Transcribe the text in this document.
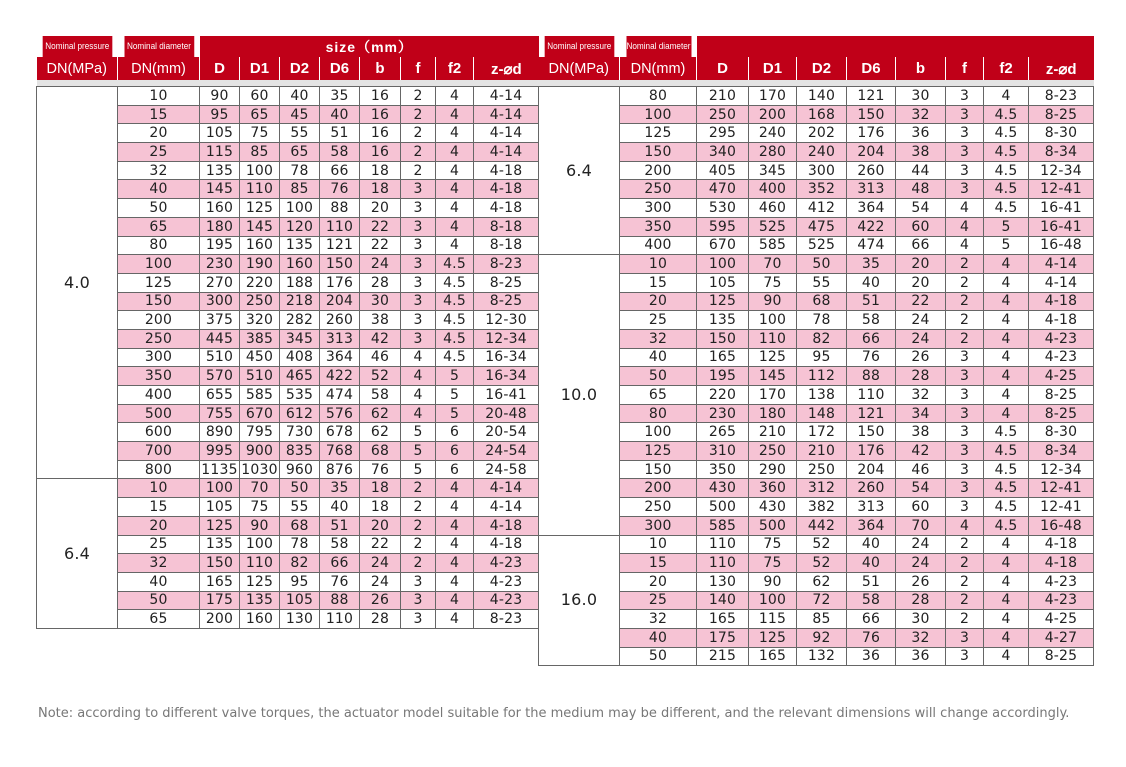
Nominal pressure	Nominal diameter	size（mm）							
DN(MPa)	DN(mm)	D	D1	D2	D6	b	f	f2	z-⌀d

4.0	10	90	60	40	35	16	2	4	4-14
	15	95	65	45	40	16	2	4	4-14
	20	105	75	55	51	16	2	4	4-14
	25	115	85	65	58	16	2	4	4-14
	32	135	100	78	66	18	2	4	4-18
	40	145	110	85	76	18	3	4	4-18
	50	160	125	100	88	20	3	4	4-18
	65	180	145	120	110	22	3	4	8-18
	80	195	160	135	121	22	3	4	8-18
	100	230	190	160	150	24	3	4.5	8-23
	125	270	220	188	176	28	3	4.5	8-25
	150	300	250	218	204	30	3	4.5	8-25
	200	375	320	282	260	38	3	4.5	12-30
	250	445	385	345	313	42	3	4.5	12-34
	300	510	450	408	364	46	4	4.5	16-34
	350	570	510	465	422	52	4	5	16-34
	400	655	585	535	474	58	4	5	16-41
	500	755	670	612	576	62	4	5	20-48
	600	890	795	730	678	62	5	6	20-54
	700	995	900	835	768	68	5	6	24-54
	800	1135	1030	960	876	76	5	6	24-58
6.4	10	100	70	50	35	18	2	4	4-14
	15	105	75	55	40	18	2	4	4-14
	20	125	90	68	51	20	2	4	4-18
	25	135	100	78	58	22	2	4	4-18
	32	150	110	82	66	24	2	4	4-23
	40	165	125	95	76	24	3	4	4-23
	50	175	135	105	88	26	3	4	4-23
	65	200	160	130	110	28	3	4	8-23
Nominal pressure	Nominal diameter								
DN(MPa)	DN(mm)	D	D1	D2	D6	b	f	f2	z-⌀d

6.4	80	210	170	140	121	30	3	4	8-23
	100	250	200	168	150	32	3	4.5	8-25
	125	295	240	202	176	36	3	4.5	8-30
	150	340	280	240	204	38	3	4.5	8-34
	200	405	345	300	260	44	3	4.5	12-34
	250	470	400	352	313	48	3	4.5	12-41
	300	530	460	412	364	54	4	4.5	16-41
	350	595	525	475	422	60	4	5	16-41
	400	670	585	525	474	66	4	5	16-48
10.0	10	100	70	50	35	20	2	4	4-14
	15	105	75	55	40	20	2	4	4-14
	20	125	90	68	51	22	2	4	4-18
	25	135	100	78	58	24	2	4	4-18
	32	150	110	82	66	24	2	4	4-23
	40	165	125	95	76	26	3	4	4-23
	50	195	145	112	88	28	3	4	4-25
	65	220	170	138	110	32	3	4	8-25
	80	230	180	148	121	34	3	4	8-25
	100	265	210	172	150	38	3	4.5	8-30
	125	310	250	210	176	42	3	4.5	8-34
	150	350	290	250	204	46	3	4.5	12-34
	200	430	360	312	260	54	3	4.5	12-41
	250	500	430	382	313	60	3	4.5	12-41
	300	585	500	442	364	70	4	4.5	16-48
16.0	10	110	75	52	40	24	2	4	4-18
	15	110	75	52	40	24	2	4	4-18
	20	130	90	62	51	26	2	4	4-23
	25	140	100	72	58	28	2	4	4-23
	32	165	115	85	66	30	2	4	4-25
	40	175	125	92	76	32	3	4	4-27
	50	215	165	132	36	36	3	4	8-25
Note: according to different valve torques, the actuator model suitable for the medium may be different, and the relevant dimensions will change accordingly.
